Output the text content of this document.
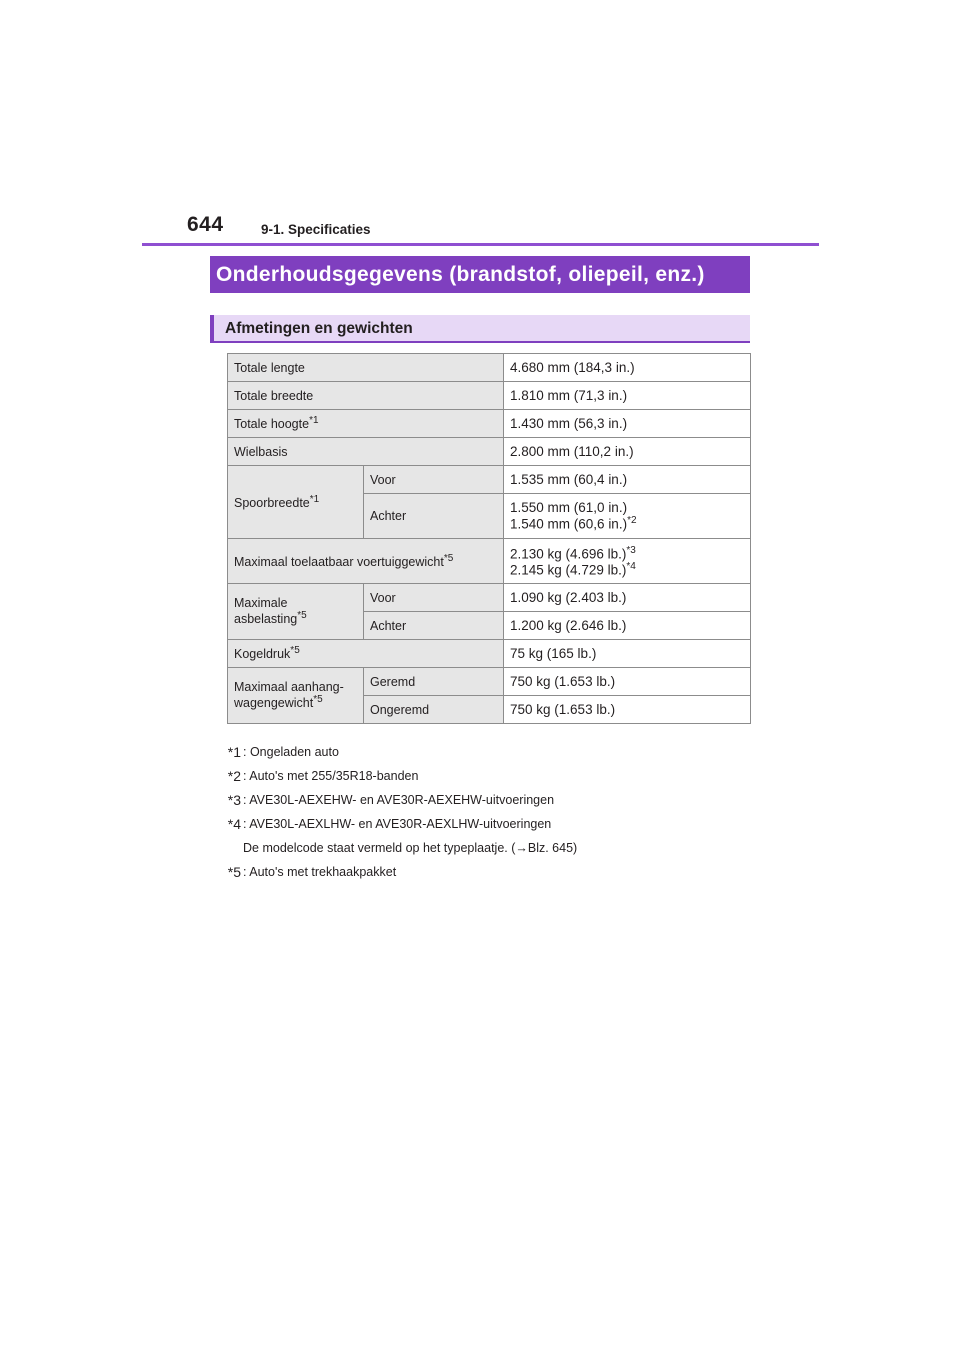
644	9-1. Specificaties
Onderhoudsgegevens (brandstof, oliepeil, enz.)
Afmetingen en gewichten
Totale lengte		4.680 mm (184,3 in.)
Totale breedte		1.810 mm (71,3 in.)
Totale hoogte$^{*1}$		1.430 mm (56,3 in.)
Wielbasis		2.800 mm (110,2 in.)
Spoorbreedte$^{*1}$	Voor	1.535 mm (60,4 in.)
	Achter	1.550 mm (61,0 in.)
1.540 mm (60,6 in.)$^{*2}$
Maximaal toelaatbaar voertuiggewicht$^{*5}$		2.130 kg (4.696 lb.)$^{*3}$
2.145 kg (4.729 lb.)$^{*4}$
Maximale
asbelasting$^{*5}$	Voor	1.090 kg (2.403 lb.)
	Achter	1.200 kg (2.646 lb.)
Kogeldruk$^{*5}$		75 kg (165 lb.)
Maximaal aanhang-
wagengewicht$^{*5}$	Geremd	750 kg (1.653 lb.)
	Ongeremd	750 kg (1.653 lb.)
*1 : Ongeladen auto
*2 : Auto's met 255/35R18-banden
*3 : AVE30L-AEXEHW- en AVE30R-AEXEHW-uitvoeringen
*4 : AVE30L-AEXLHW- en AVE30R-AEXLHW-uitvoeringen
De modelcode staat vermeld op het typeplaatje. (→Blz. 645)
*5 : Auto's met trekhaakpakket
